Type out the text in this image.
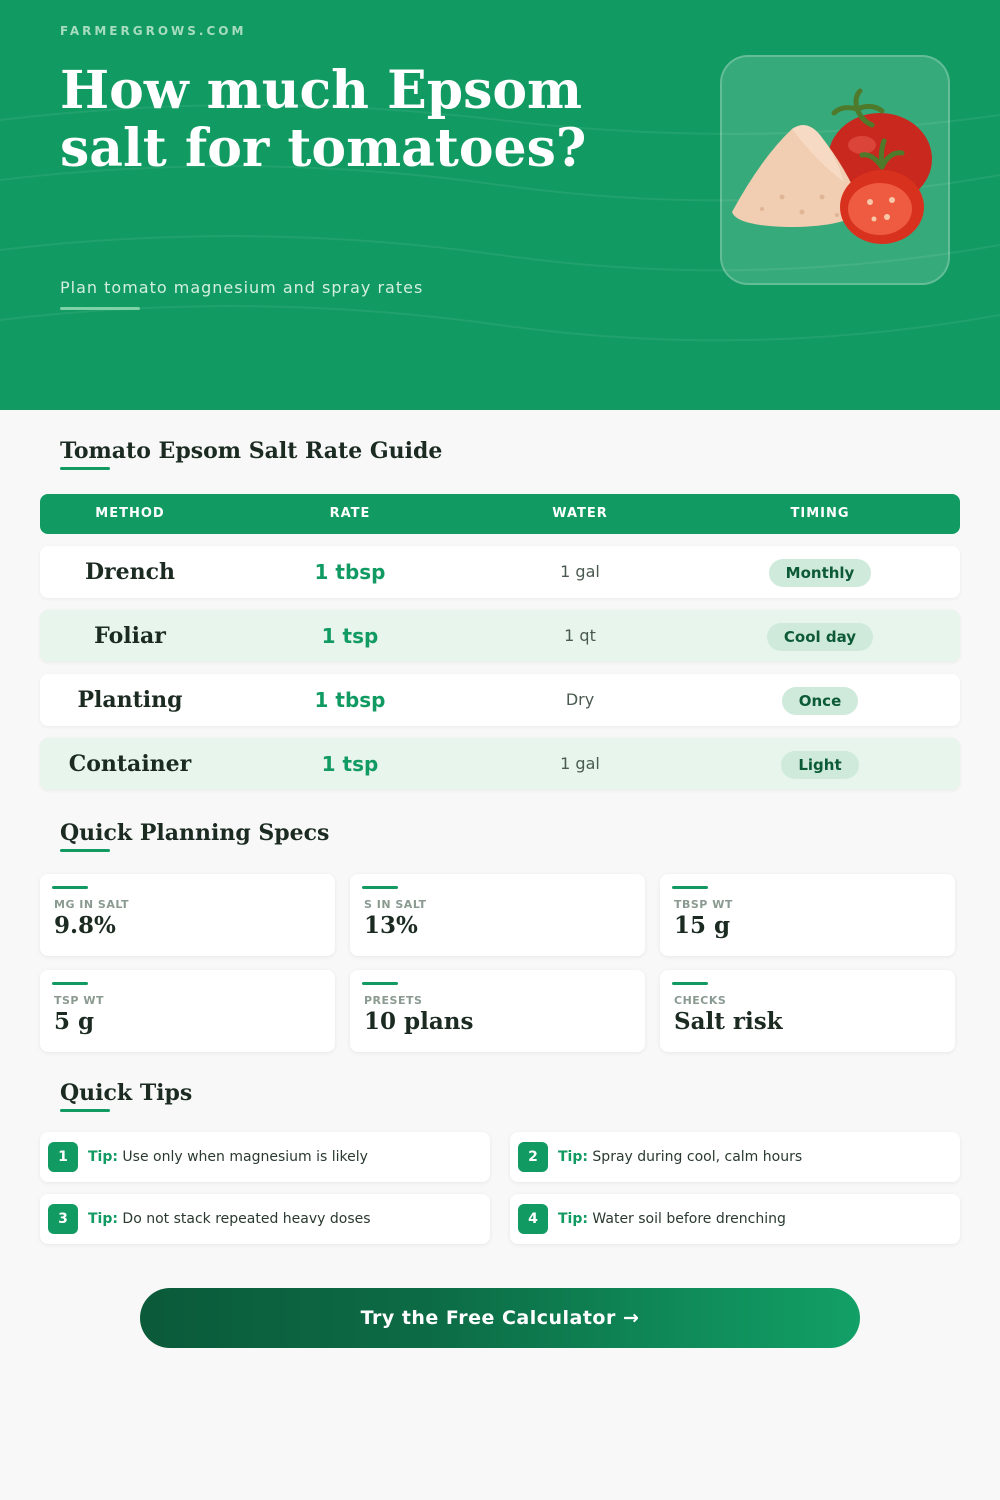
FARMERGROWS.COM
How much Epsom salt for tomatoes?
Plan tomato magnesium and spray rates
Tomato Epsom Salt Rate Guide
METHOD	RATE	WATER	TIMING
Drench	1 tbsp	1 gal	Monthly
Foliar	1 tsp	1 qt	Cool day
Planting	1 tbsp	Dry	Once
Container	1 tsp	1 gal	Light
Quick Planning Specs
MG IN SALT
9.8%
S IN SALT
13%
TBSP WT
15 g
TSP WT
5 g
PRESETS
10 plans
CHECKS
Salt risk
Quick Tips
1	Tip: Use only when magnesium is likely	2	Tip: Spray during cool, calm hours
3	Tip: Do not stack repeated heavy doses	4	Tip: Water soil before drenching
Try the Free Calculator →
